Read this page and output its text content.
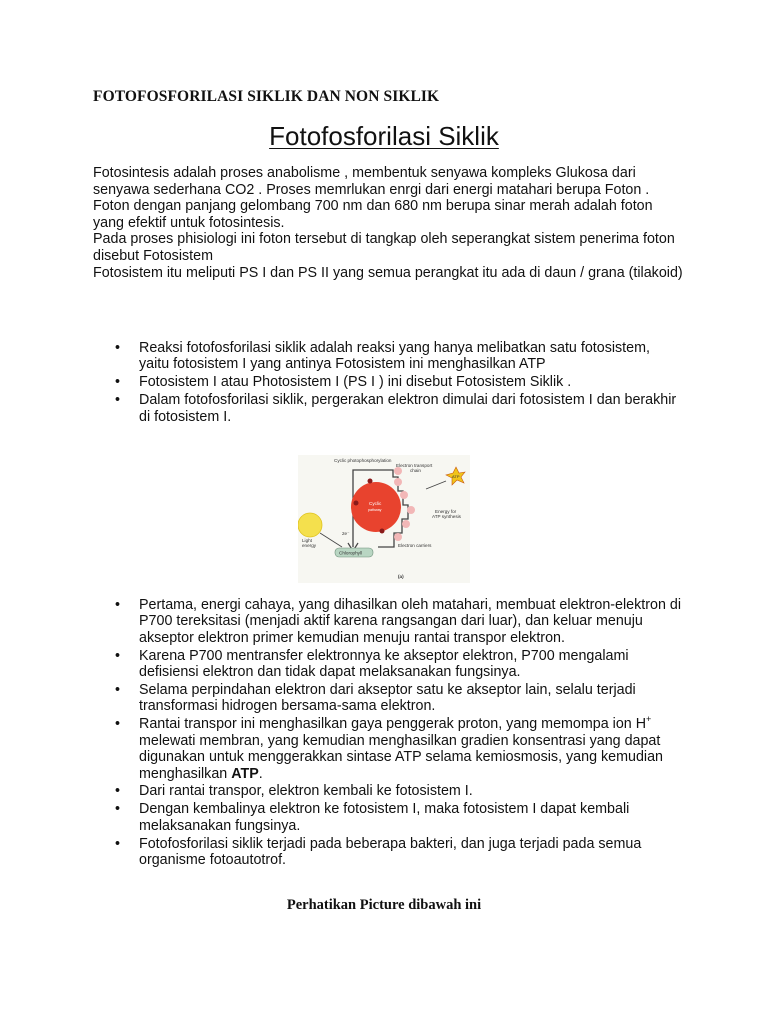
FOTOFOSFORILASI SIKLIK DAN NON SIKLIK
Fotofosforilasi Siklik

Fotosintesis adalah proses anabolisme , membentuk senyawa kompleks Glukosa dari senyawa sederhana CO2 . Proses memrlukan enrgi dari energi matahari berupa Foton .

Foton dengan panjang gelombang 700 nm dan 680 nm berupa sinar merah adalah foton yang efektif untuk fotosintesis.

Pada proses phisiologi ini foton tersebut di tangkap oleh seperangkat sistem penerima foton disebut Fotosistem

Fotosistem itu meliputi PS I dan PS II yang semua perangkat itu ada di daun / grana (tilakoid)

• Reaksi fotofosforilasi siklik adalah reaksi yang hanya melibatkan satu fotosistem, yaitu fotosistem I yang antinya Fotosistem ini menghasilkan ATP
• Fotosistem I atau Photosistem I (PS I ) ini disebut Fotosistem Siklik .
• Dalam fotofosforilasi siklik, pergerakan elektron dimulai dari fotosistem I dan berakhir di fotosistem I.
Cyclic photophosphorylation
Cyclic
pathway
Electron transport
chain
ATP
Energy for
ATP synthesis
Light
energy
2e⁻
Chlorophyll
Electron carriers
(a)
• Pertama, energi cahaya, yang dihasilkan oleh matahari, membuat elektron-elektron di P700 tereksitasi (menjadi aktif karena rangsangan dari luar), dan keluar menuju akseptor elektron primer kemudian menuju rantai transpor elektron.
• Karena P700 mentransfer elektronnya ke akseptor elektron, P700 mengalami defisiensi elektron dan tidak dapat melaksanakan fungsinya.
• Selama perpindahan elektron dari akseptor satu ke akseptor lain, selalu terjadi transformasi hidrogen bersama-sama elektron.
• Rantai transpor ini menghasilkan gaya penggerak proton, yang memompa ion H+ melewati membran, yang kemudian menghasilkan gradien konsentrasi yang dapat digunakan untuk menggerakkan sintase ATP selama kemiosmosis, yang kemudian menghasilkan ATP.
• Dari rantai transpor, elektron kembali ke fotosistem I.
• Dengan kembalinya elektron ke fotosistem I, maka fotosistem I dapat kembali melaksanakan fungsinya.
• Fotofosforilasi siklik terjadi pada beberapa bakteri, dan juga terjadi pada semua organisme fotoautotrof.

Perhatikan Picture dibawah ini
